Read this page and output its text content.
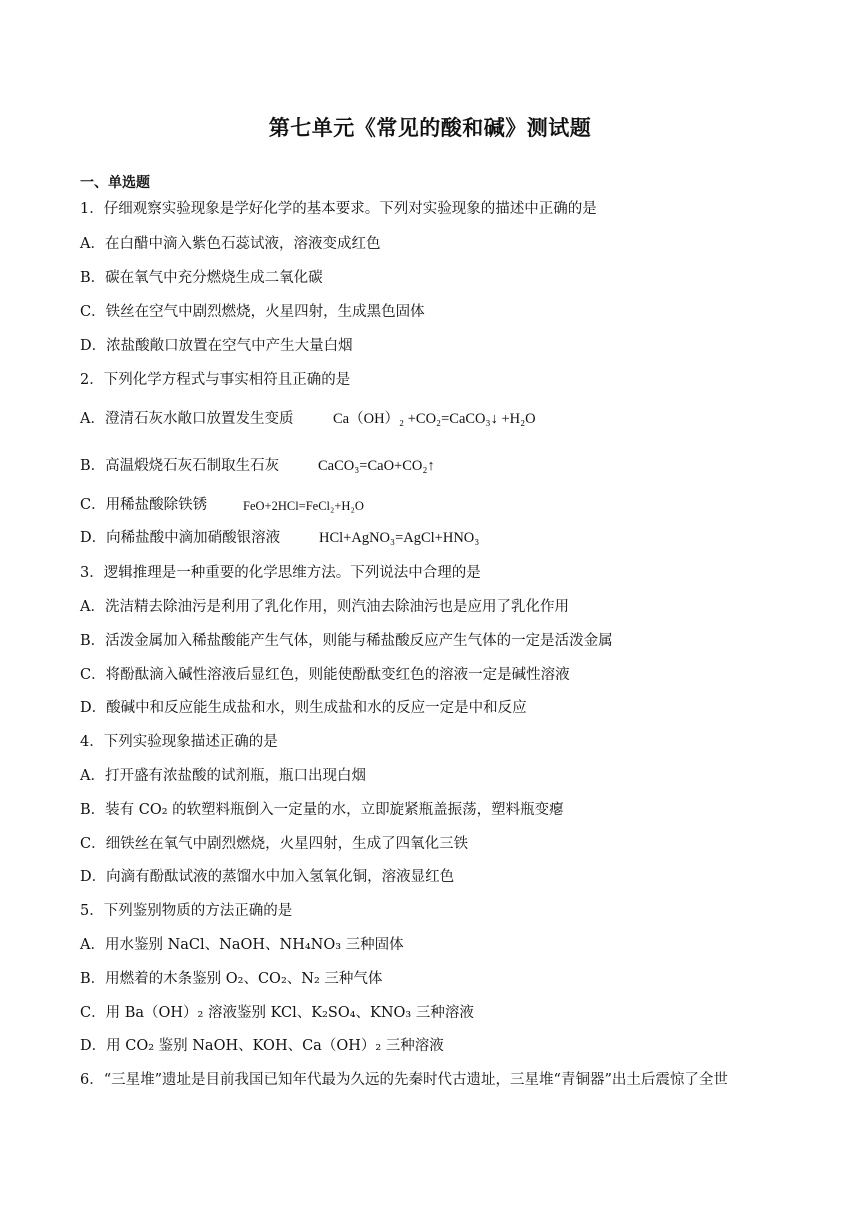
第七单元《常见的酸和碱》测试题
一、单选题
1．仔细观察实验现象是学好化学的基本要求。下列对实验现象的描述中正确的是
A．在白醋中滴入紫色石蕊试液，溶液变成红色
B．碳在氧气中充分燃烧生成二氧化碳
C．铁丝在空气中剧烈燃烧，火星四射，生成黑色固体
D．浓盐酸敞口放置在空气中产生大量白烟
2．下列化学方程式与事实相符且正确的是
A．澄清石灰水敞口放置发生变质	Ca（OH）₂ +CO₂=CaCO₃↓ +H₂O
B．高温煅烧石灰石制取生石灰	CaCO₃=CaO+CO₂↑
C．用稀盐酸除铁锈	FeO+2HCl=FeCl₂+H₂O
D．向稀盐酸中滴加硝酸银溶液	HCl+AgNO₃=AgCl+HNO₃
3．逻辑推理是一种重要的化学思维方法。下列说法中合理的是
A．洗洁精去除油污是利用了乳化作用，则汽油去除油污也是应用了乳化作用
B．活泼金属加入稀盐酸能产生气体，则能与稀盐酸反应产生气体的一定是活泼金属
C．将酚酞滴入碱性溶液后显红色，则能使酚酞变红色的溶液一定是碱性溶液
D．酸碱中和反应能生成盐和水，则生成盐和水的反应一定是中和反应
4．下列实验现象描述正确的是
A．打开盛有浓盐酸的试剂瓶，瓶口出现白烟
B．装有 CO₂ 的软塑料瓶倒入一定量的水，立即旋紧瓶盖振荡，塑料瓶变瘪
C．细铁丝在氧气中剧烈燃烧，火星四射，生成了四氧化三铁
D．向滴有酚酞试液的蒸馏水中加入氢氧化铜，溶液显红色
5．下列鉴别物质的方法正确的是
A．用水鉴别 NaCl、NaOH、NH₄NO₃ 三种固体
B．用燃着的木条鉴别 O₂、CO₂、N₂ 三种气体
C．用 Ba（OH）₂ 溶液鉴别 KCl、K₂SO₄、KNO₃ 三种溶液
D．用 CO₂ 鉴别 NaOH、KOH、Ca（OH）₂ 三种溶液
6．“三星堆”遗址是目前我国已知年代最为久远的先秦时代古遗址，三星堆“青铜器”出土后震惊了全世
